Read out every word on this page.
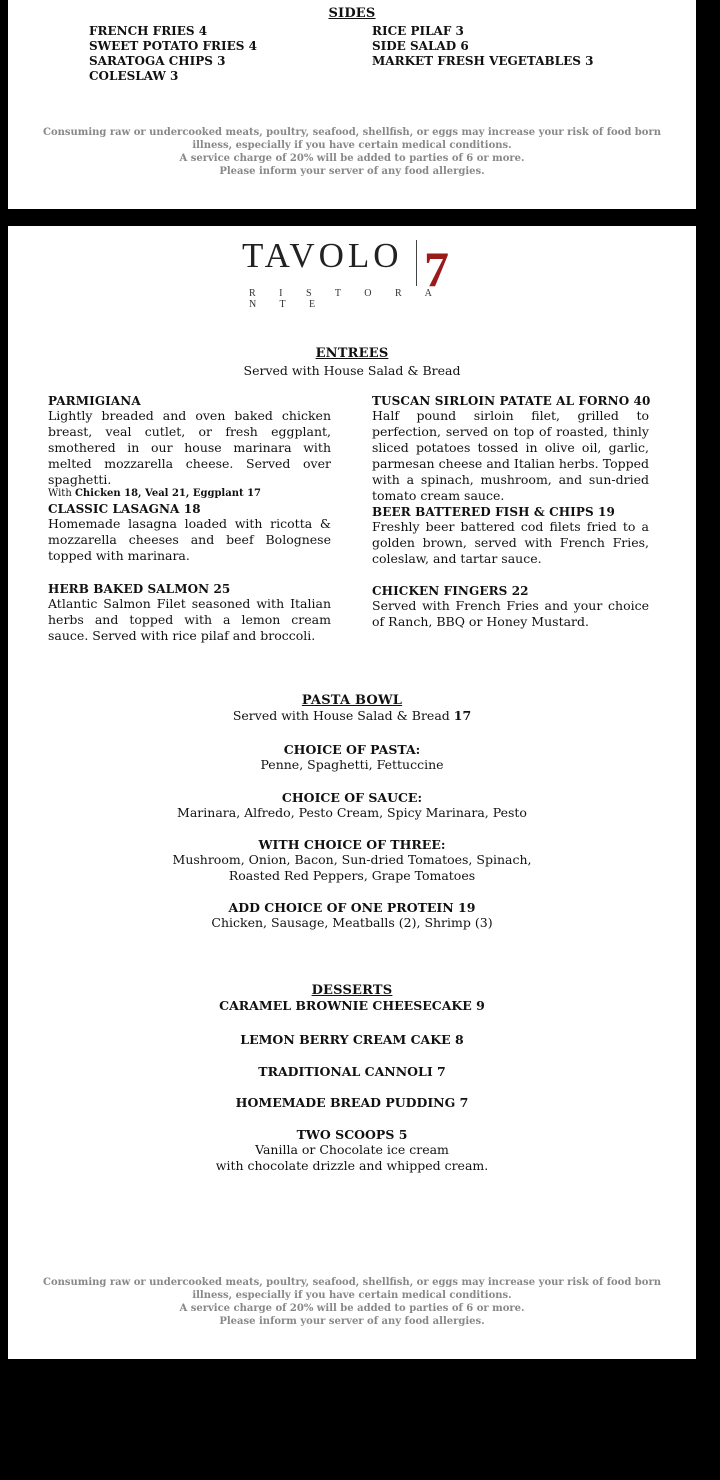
SIDES
FRENCH FRIES 4
SWEET POTATO FRIES 4
SARATOGA CHIPS 3
COLESLAW 3
RICE PILAF 3
SIDE SALAD 6
MARKET FRESH VEGETABLES 3
Consuming raw or undercooked meats, poultry, seafood, shellfish, or eggs may increase your risk of food born
illness, especially if you have certain medical conditions.
A service charge of 20% will be added to parties of 6 or more.
Please inform your server of any food allergies.
TAVOLO
R I S T O R A N T E
7
ENTREES
Served with House Salad & Bread
PARMIGIANA
Lightly breaded and oven baked chicken breast, veal cutlet, or fresh eggplant, smothered in our house marinara with melted mozzarella cheese. Served over spaghetti.
With Chicken 18, Veal 21, Eggplant 17
CLASSIC LASAGNA 18
Homemade lasagna loaded with ricotta & mozzarella cheeses and beef Bolognese topped with marinara.
HERB BAKED SALMON 25
Atlantic Salmon Filet seasoned with Italian herbs and topped with a lemon cream sauce. Served with rice pilaf and broccoli.
TUSCAN SIRLOIN PATATE AL FORNO 40
Half pound sirloin filet, grilled to perfection, served on top of roasted, thinly sliced potatoes tossed in olive oil, garlic, parmesan cheese and Italian herbs. Topped with a spinach, mushroom, and sun-dried tomato cream sauce.
BEER BATTERED FISH & CHIPS 19
Freshly beer battered cod filets fried to a golden brown, served with French Fries, coleslaw, and tartar sauce.
CHICKEN FINGERS 22
Served with French Fries and your choice of Ranch, BBQ or Honey Mustard.
PASTA BOWL
Served with House Salad & Bread 17
CHOICE OF PASTA:
Penne, Spaghetti, Fettuccine
CHOICE OF SAUCE:
Marinara, Alfredo, Pesto Cream, Spicy Marinara, Pesto
WITH CHOICE OF THREE:
Mushroom, Onion, Bacon, Sun-dried Tomatoes, Spinach,
Roasted Red Peppers, Grape Tomatoes
ADD CHOICE OF ONE PROTEIN 19
Chicken, Sausage, Meatballs (2), Shrimp (3)
DESSERTS
CARAMEL BROWNIE CHEESECAKE 9
LEMON BERRY CREAM CAKE 8
TRADITIONAL CANNOLI 7
HOMEMADE BREAD PUDDING 7
TWO SCOOPS 5
Vanilla or Chocolate ice cream
with chocolate drizzle and whipped cream.
Consuming raw or undercooked meats, poultry, seafood, shellfish, or eggs may increase your risk of food born
illness, especially if you have certain medical conditions.
A service charge of 20% will be added to parties of 6 or more.
Please inform your server of any food allergies.
